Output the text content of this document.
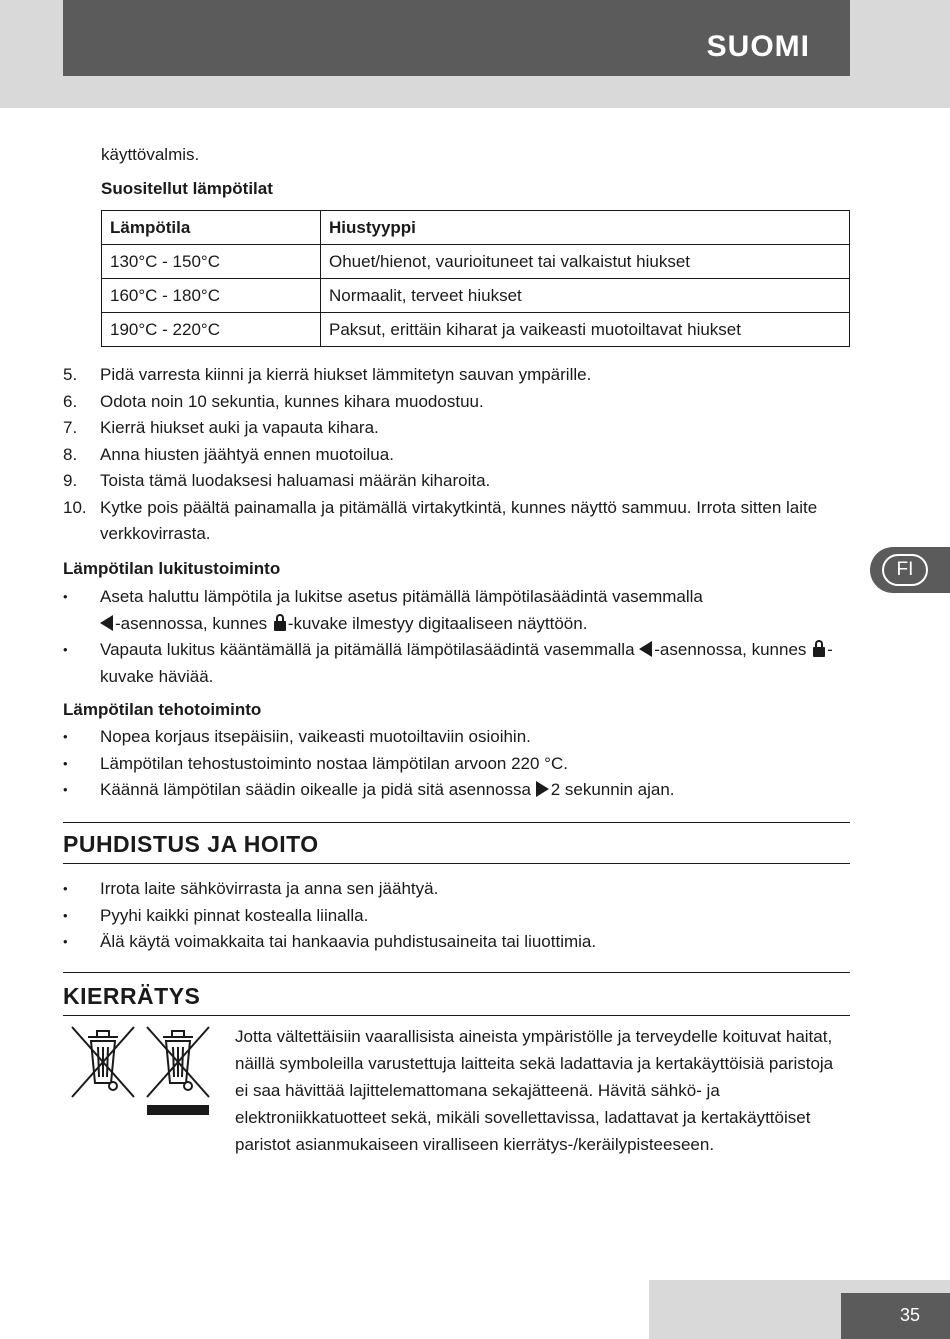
SUOMI
käyttövalmis.
Suositellut lämpötilat
Lämpötila	Hiustyyppi
130°C - 150°C	Ohuet/hienot, vaurioituneet tai valkaistut hiukset
160°C - 180°C	Normaalit, terveet hiukset
190°C - 220°C	Paksut, erittäin kiharat ja vaikeasti muotoiltavat hiukset
5. Pidä varresta kiinni ja kierrä hiukset lämmitetyn sauvan ympärille.
6. Odota noin 10 sekuntia, kunnes kihara muodostuu.
7. Kierrä hiukset auki ja vapauta kihara.
8. Anna hiusten jäähtyä ennen muotoilua.
9. Toista tämä luodaksesi haluamasi määrän kiharoita.
10. Kytke pois päältä painamalla ja pitämällä virtakytkintä, kunnes näyttö sammuu. Irrota sitten laite verkkovirrasta.
Lämpötilan lukitustoiminto
• Aseta haluttu lämpötila ja lukitse asetus pitämällä lämpötilasäädintä vasemmalla
-asennossa, kunnes -kuvake ilmestyy digitaaliseen näyttöön.
• Vapauta lukitus kääntämällä ja pitämällä lämpötilasäädintä vasemmalla -asennossa, kunnes -kuvake häviää.
Lämpötilan tehotoiminto
• Nopea korjaus itsepäisiin, vaikeasti muotoiltaviin osioihin.
• Lämpötilan tehostustoiminto nostaa lämpötilan arvoon 220 °C.
• Käännä lämpötilan säädin oikealle ja pidä sitä asennossa 2 sekunnin ajan.
PUHDISTUS JA HOITO
• Irrota laite sähkövirrasta ja anna sen jäähtyä.
• Pyyhi kaikki pinnat kostealla liinalla.
• Älä käytä voimakkaita tai hankaavia puhdistusaineita tai liuottimia.
KIERRÄTYS
Jotta vältettäisiin vaarallisista aineista ympäristölle ja terveydelle koituvat haitat, näillä symboleilla varustettuja laitteita sekä ladattavia ja kertakäyttöisiä paristoja ei saa hävittää lajittelemattomana sekajätteenä. Hävitä sähkö- ja elektroniikkatuotteet sekä, mikäli sovellettavissa, ladattavat ja kertakäyttöiset paristot asianmukaiseen viralliseen kierrätys-/keräilypisteeseen.
FI
35
